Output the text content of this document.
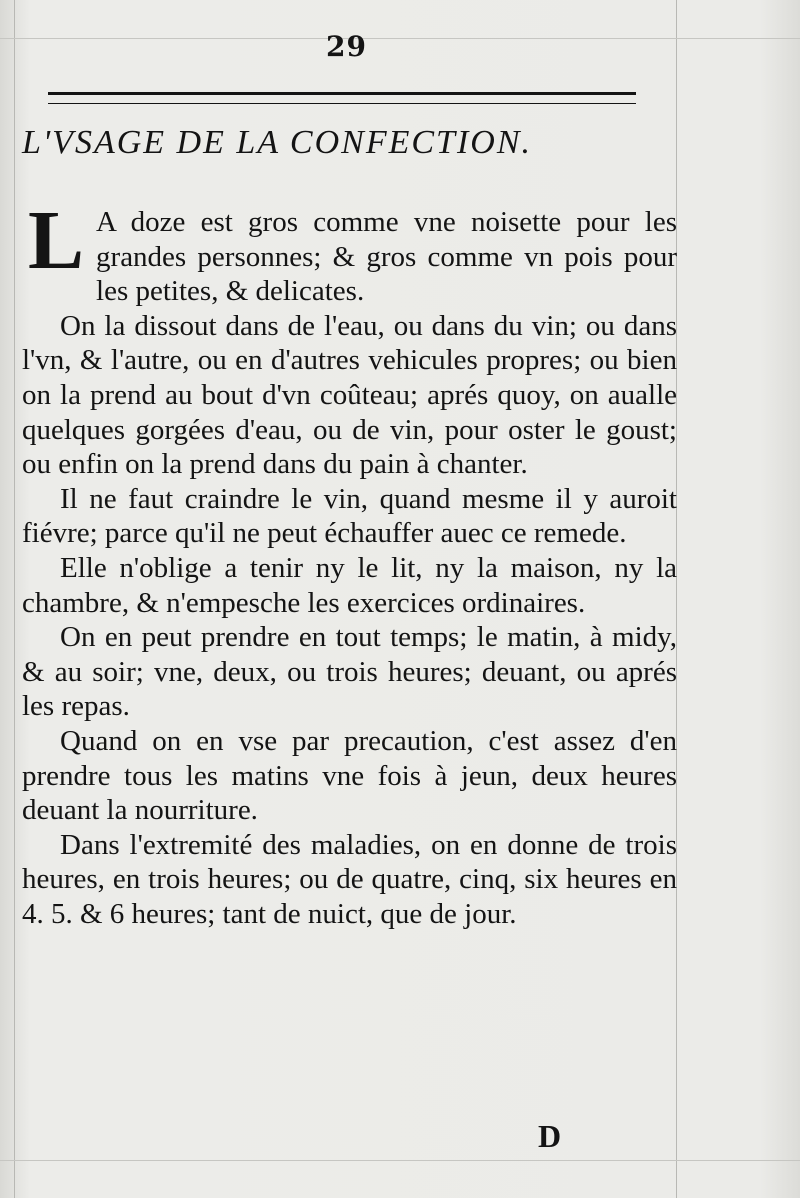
29
L'VSAGE DE LA CONFECTION.

L A doze est gros comme vne noisette pour les grandes personnes; & gros comme vn pois pour les petites, & delicates.

On la dissout dans de l'eau, ou dans du vin; ou dans l'vn, & l'autre, ou en d'autres vehicules propres; ou bien on la prend au bout d'vn coûteau; aprés quoy, on aualle quelques gorgées d'eau, ou de vin, pour oster le goust; ou enfin on la prend dans du pain à chanter.

Il ne faut craindre le vin, quand mesme il y auroit fiévre; parce qu'il ne peut échauffer auec ce remede.

Elle n'oblige a tenir ny le lit, ny la maison, ny la chambre, & n'empesche les exercices ordinaires.

On en peut prendre en tout temps; le matin, à midy, & au soir; vne, deux, ou trois heures; deuant, ou aprés les repas.

Quand on en vse par precaution, c'est assez d'en prendre tous les matins vne fois à jeun, deux heures deuant la nourriture.

Dans l'extremité des maladies, on en donne de trois heures, en trois heures; ou de quatre, cinq, six heures en 4. 5. & 6 heures; tant de nuict, que de jour.

D
